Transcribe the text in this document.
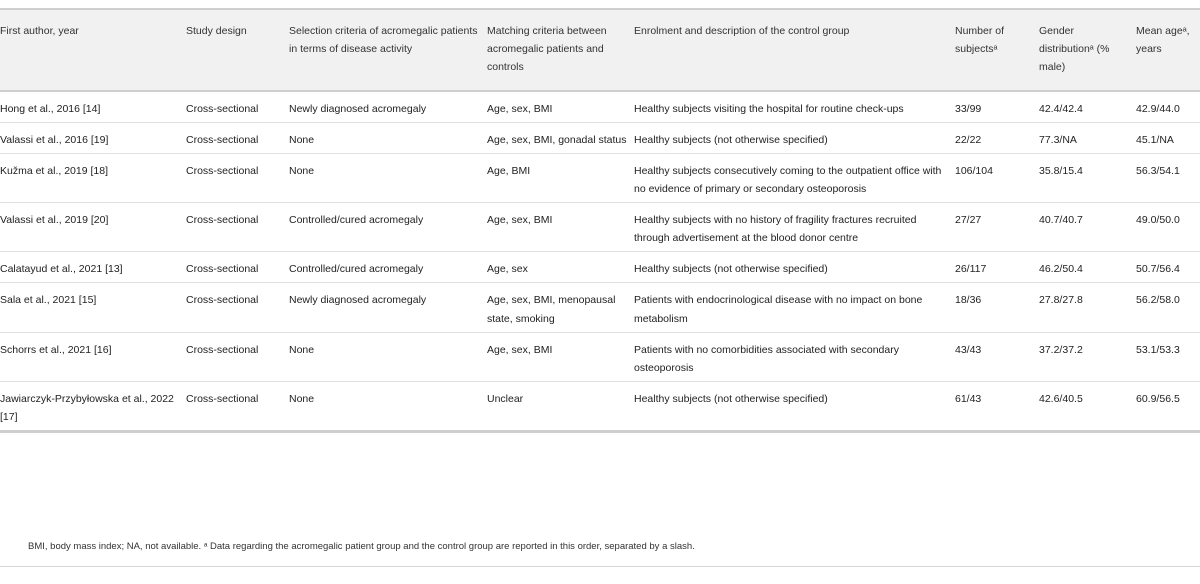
First author, year	Study design	Selection criteria of acromegalic patients in terms of disease activity	Matching criteria between acromegalic patients and controls	Enrolment and description of the control group	Number of subjectsᵃ	Gender distributionᵃ (% male)	Mean ageᵃ, years
Hong et al., 2016 [14]	Cross-sectional	Newly diagnosed acromegaly	Age, sex, BMI	Healthy subjects visiting the hospital for routine check-ups	33/99	42.4/42.4	42.9/44.0
Valassi et al., 2016 [19]	Cross-sectional	None	Age, sex, BMI, gonadal status	Healthy subjects (not otherwise specified)	22/22	77.3/NA	45.1/NA
Kužma et al., 2019 [18]	Cross-sectional	None	Age, BMI	Healthy subjects consecutively coming to the outpatient office with no evidence of primary or secondary osteoporosis	106/104	35.8/15.4	56.3/54.1
Valassi et al., 2019 [20]	Cross-sectional	Controlled/cured acromegaly	Age, sex, BMI	Healthy subjects with no history of fragility fractures recruited through advertisement at the blood donor centre	27/27	40.7/40.7	49.0/50.0
Calatayud et al., 2021 [13]	Cross-sectional	Controlled/cured acromegaly	Age, sex	Healthy subjects (not otherwise specified)	26/117	46.2/50.4	50.7/56.4
Sala et al., 2021 [15]	Cross-sectional	Newly diagnosed acromegaly	Age, sex, BMI, menopausal state, smoking	Patients with endocrinological disease with no impact on bone metabolism	18/36	27.8/27.8	56.2/58.0
Schorrs et al., 2021 [16]	Cross-sectional	None	Age, sex, BMI	Patients with no comorbidities associated with secondary osteoporosis	43/43	37.2/37.2	53.1/53.3
Jawiarczyk-Przybyłowska et al., 2022 [17]	Cross-sectional	None	Unclear	Healthy subjects (not otherwise specified)	61/43	42.6/40.5	60.9/56.5
BMI, body mass index; NA, not available. ᵃ Data regarding the acromegalic patient group and the control group are reported in this order, separated by a slash.
